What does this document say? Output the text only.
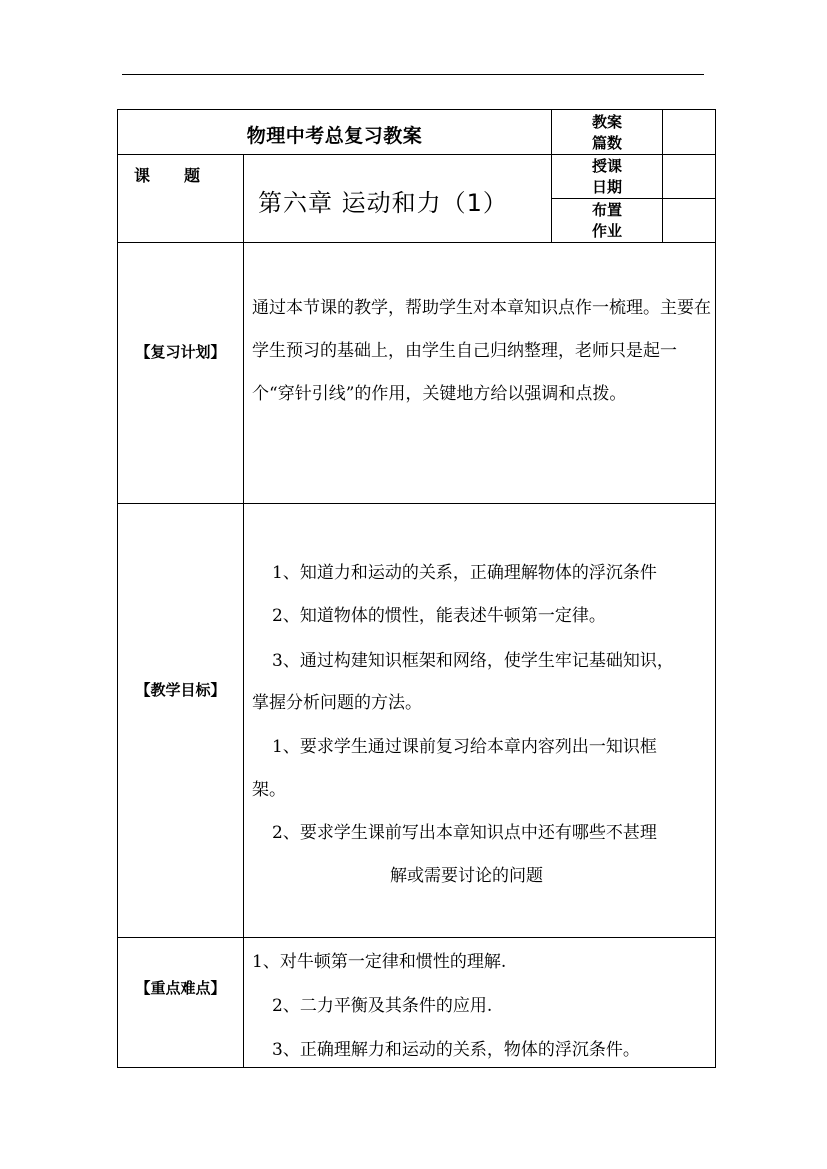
物理中考总复习教案
教案
篇数
课 题
第六章 运动和力（1）
授课
日期
布置
作业
【复习计划】
通过本节课的教学，帮助学生对本章知识点作一梳理。主要在学生预习的基础上，由学生自己归纳整理，老师只是起一个“穿针引线”的作用，关键地方给以强调和点拨。
【教学目标】
1、知道力和运动的关系，正确理解物体的浮沉条件
2、知道物体的惯性，能表述牛顿第一定律。
3、通过构建知识框架和网络，使学生牢记基础知识，
掌握分析问题的方法。
1、要求学生通过课前复习给本章内容列出一知识框
架。
2、要求学生课前写出本章知识点中还有哪些不甚理
解或需要讨论的问题
【重点难点】
1、对牛顿第一定律和惯性的理解.
2、二力平衡及其条件的应用.
3、正确理解力和运动的关系，物体的浮沉条件。
